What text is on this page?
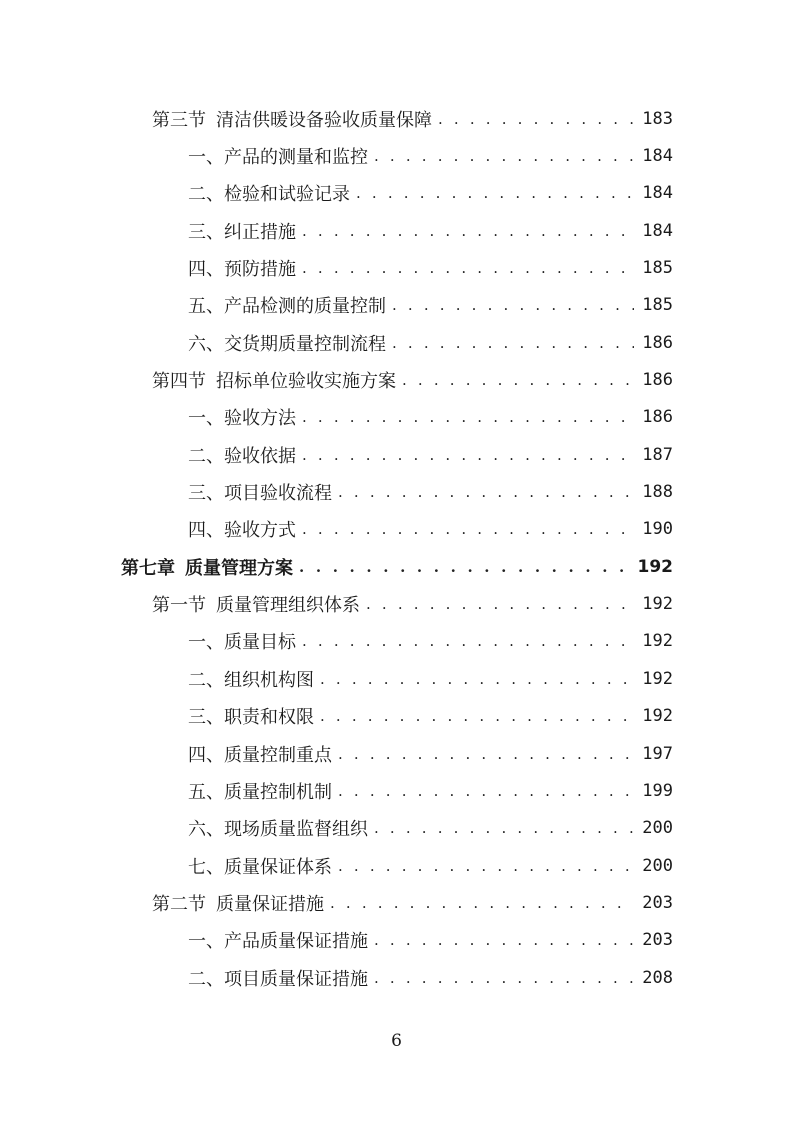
第三节 清洁供暖设备验收质量保障 . . .	183
一、产品的测量和监控 . . .	184
二、检验和试验记录 . . .	184
三、纠正措施 . . .	184
四、预防措施 . . .	185
五、产品检测的质量控制 . . .	185
六、交货期质量控制流程 . . .	186
第四节 招标单位验收实施方案 . . .	186
一、验收方法 . . .	186
二、验收依据 . . .	187
三、项目验收流程 . . .	188
四、验收方式 . . .	190
第七章 质量管理方案 . . .	192
第一节 质量管理组织体系 . . .	192
一、质量目标 . . .	192
二、组织机构图 . . .	192
三、职责和权限 . . .	192
四、质量控制重点 . . .	197
五、质量控制机制 . . .	199
六、现场质量监督组织 . . .	200
七、质量保证体系 . . .	200
第二节 质量保证措施 . . .	203
一、产品质量保证措施 . . .	203
二、项目质量保证措施 . . .	208
6
